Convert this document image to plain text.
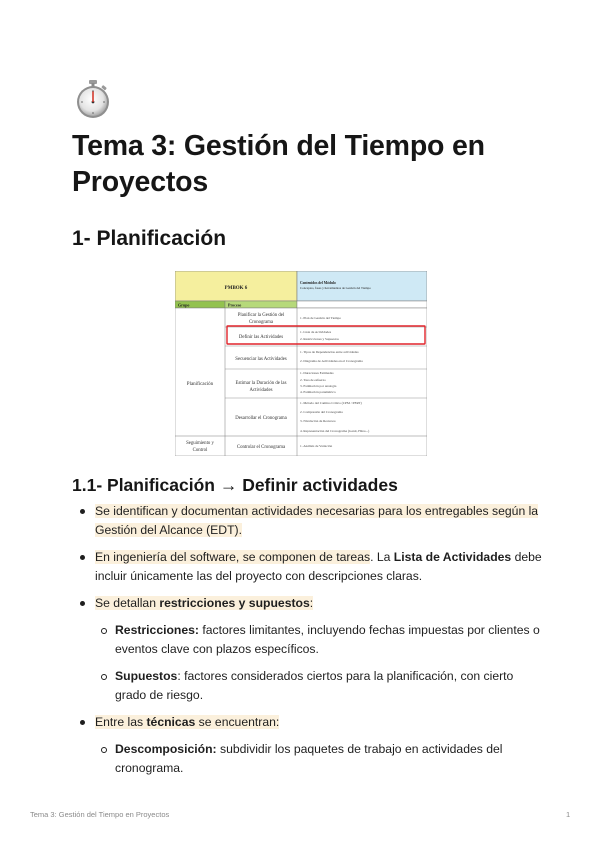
Tema 3: Gestión del Tiempo en Proyectos
1- Planificación
PMBOK 6
Contenidos del Módulo
Conceptos, fases y herramientas de Gestión del Tiempo
Grupo	Proceso
Planificación
Seguimiento y
Control
Planificar la Gestión del
Cronograma
Definir las Actividades
Secuenciar las Actividades
Estimar la Duración de las
Actividades
Desarrollar el Cronograma
Controlar el Cronograma
1. Plan de Gestión del Tiempo
1. Lista de Actividades
2. Restricciones y Supuestos
1. Tipos de Dependencias entre actividades
2. Diagrama de Actividades en el Cronograma
1. Duraciones Estimadas
2. Tasa de esfuerzo
3. Estimación por analogía
4. Estimación paramétrica
1. Método del Camino Crítico (CPM / PERT)
2. Compresión del Cronograma
3. Nivelación de Recursos
4. Representación del Cronograma (Gantt, Hitos...)
1. Análisis de Variación
1.1- Planificación → Definir actividades
Se identifican y documentan actividades necesarias para los entregables según la Gestión del Alcance (EDT).
En ingeniería del software, se componen de tareas. La Lista de Actividades debe incluir únicamente las del proyecto con descripciones claras.
Se detallan restricciones y supuestos:
Restricciones: factores limitantes, incluyendo fechas impuestas por clientes o eventos clave con plazos específicos.
Supuestos: factores considerados ciertos para la planificación, con cierto grado de riesgo.
Entre las técnicas se encuentran:
Descomposición: subdividir los paquetes de trabajo en actividades del cronograma.
Tema 3: Gestión del Tiempo en Proyectos	1
